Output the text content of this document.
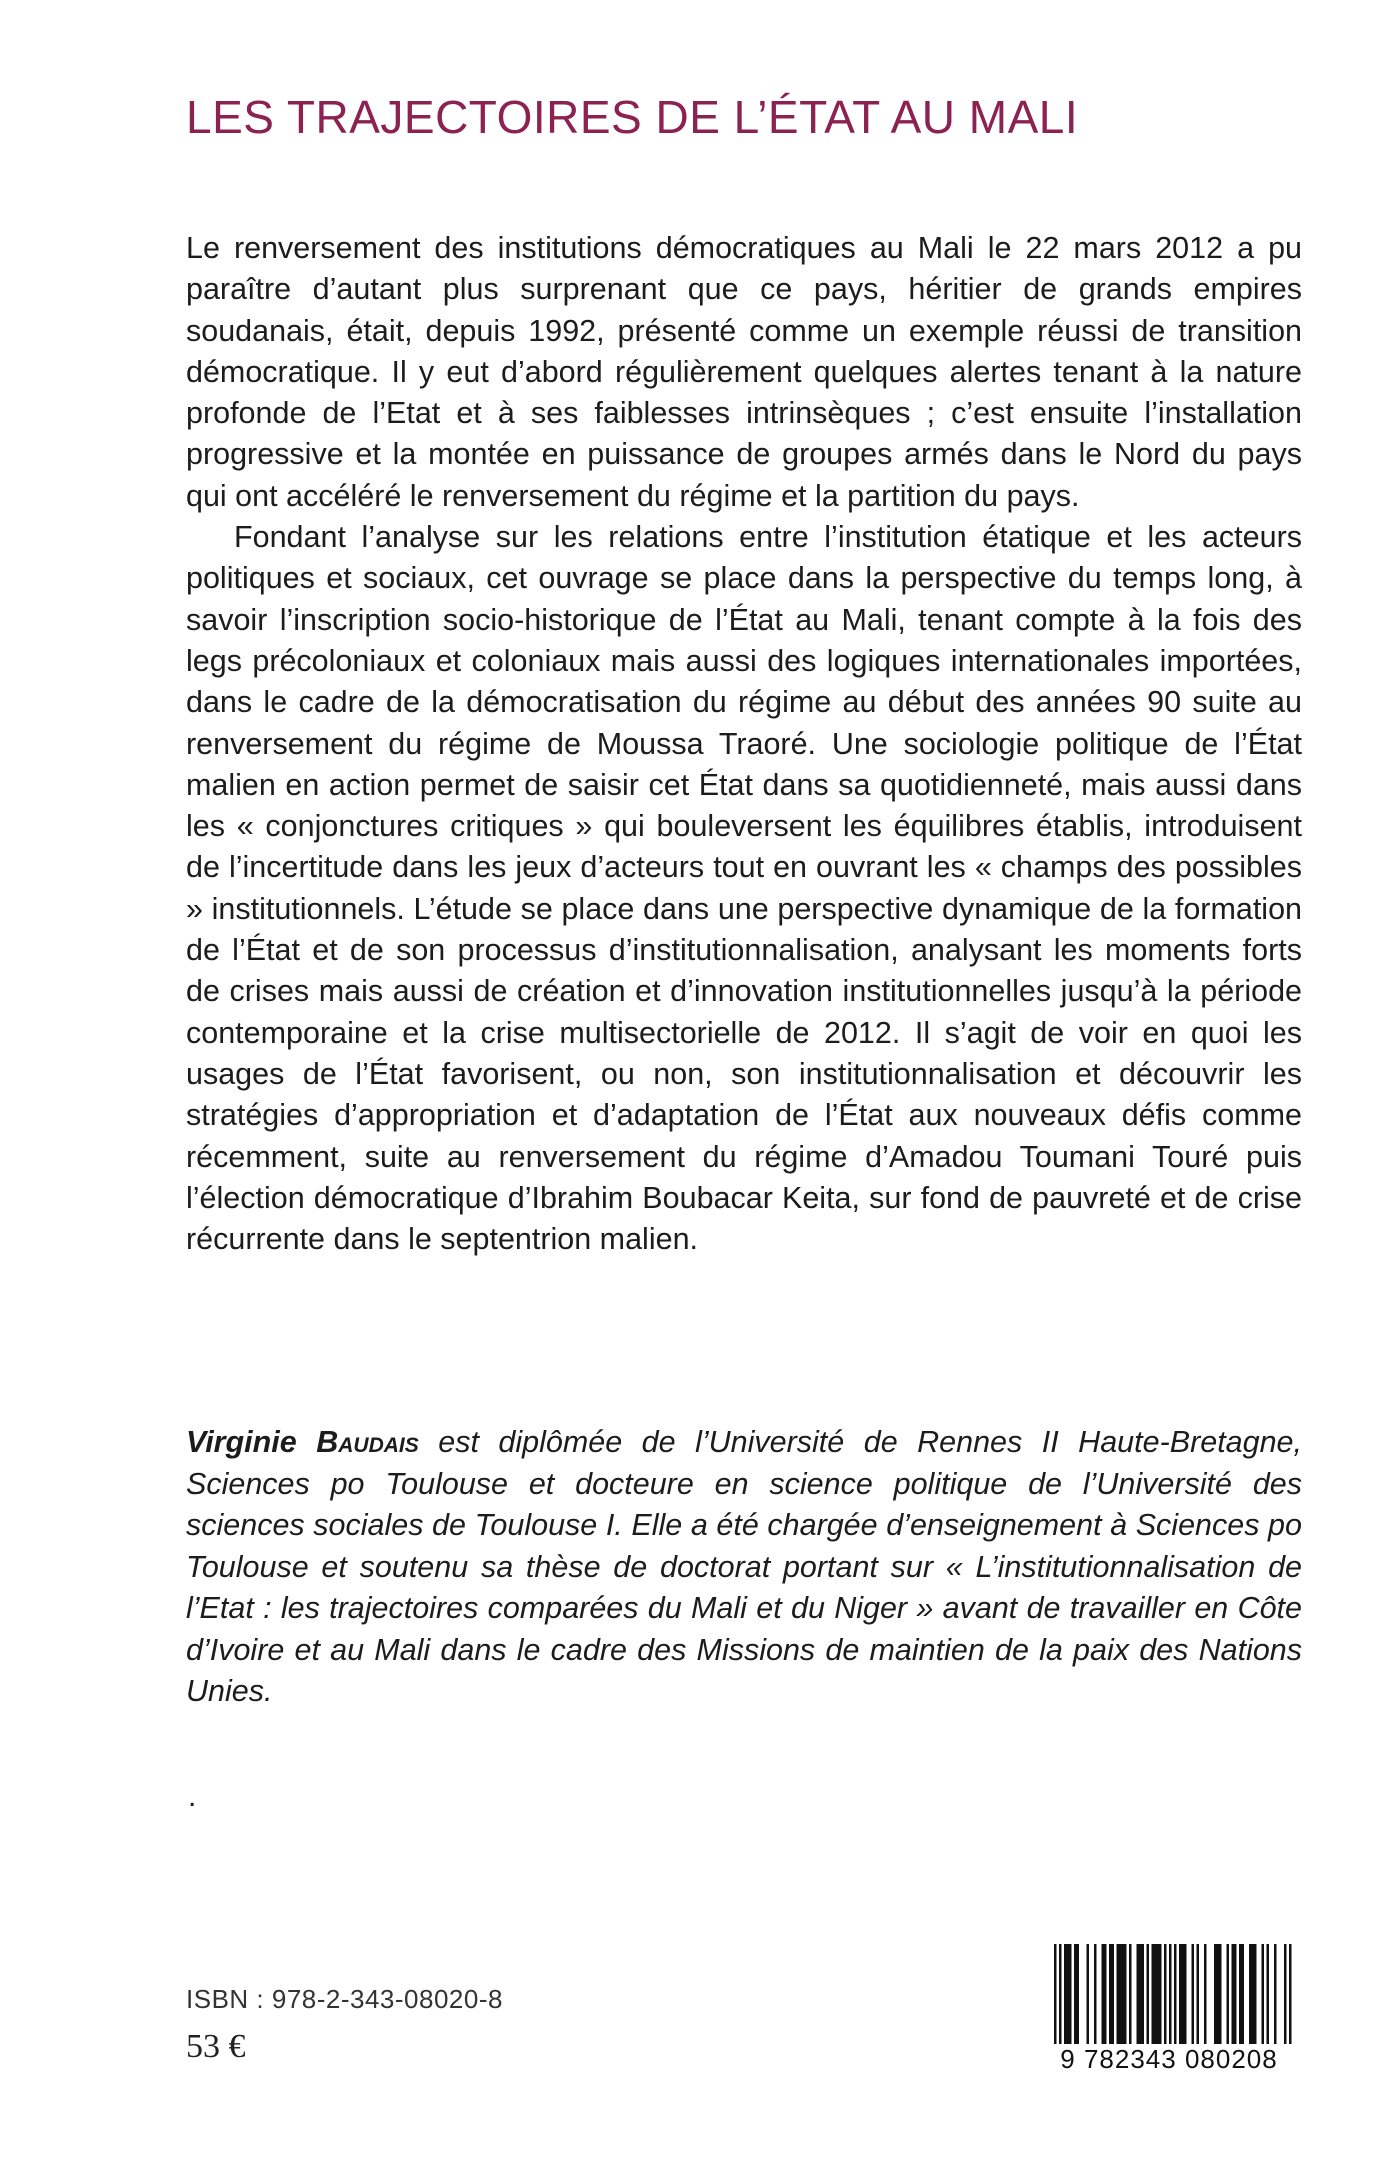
LES TRAJECTOIRES DE L’ÉTAT AU MALI

Le renversement des institutions démocratiques au Mali le 22 mars 2012 a pu paraître d’autant plus surprenant que ce pays, héritier de grands empires soudanais, était, depuis 1992, présenté comme un exemple réussi de transition démocratique. Il y eut d’abord régulièrement quelques alertes tenant à la nature profonde de l’Etat et à ses faiblesses intrinsèques ; c’est ensuite l’installation progressive et la montée en puissance de groupes armés dans le Nord du pays qui ont accéléré le renversement du régime et la partition du pays.

Fondant l’analyse sur les relations entre l’institution étatique et les acteurs politiques et sociaux, cet ouvrage se place dans la perspective du temps long, à savoir l’inscription socio-historique de l’État au Mali, tenant compte à la fois des legs précoloniaux et coloniaux mais aussi des logiques internationales importées, dans le cadre de la démocratisation du régime au début des années 90 suite au renversement du régime de Moussa Traoré. Une sociologie politique de l’État malien en action permet de saisir cet État dans sa quotidienneté, mais aussi dans les « conjonctures critiques » qui bouleversent les équilibres établis, introduisent de l’incertitude dans les jeux d’acteurs tout en ouvrant les « champs des possibles » institutionnels. L’étude se place dans une perspective dynamique de la formation de l’État et de son processus d’institutionnalisation, analysant les moments forts de crises mais aussi de création et d’innovation institutionnelles jusqu’à la période contemporaine et la crise multisectorielle de 2012. Il s’agit de voir en quoi les usages de l’État favorisent, ou non, son institutionnalisation et découvrir les stratégies d’appropriation et d’adaptation de l’État aux nouveaux défis comme récemment, suite au renversement du régime d’Amadou Toumani Touré puis l’élection démocratique d’Ibrahim Boubacar Keita, sur fond de pauvreté et de crise récurrente dans le septentrion malien.

Virginie Baudais est diplômée de l’Université de Rennes II Haute-Bretagne, Sciences po Toulouse et docteure en science politique de l’Université des sciences sociales de Toulouse I. Elle a été chargée d’enseignement à Sciences po Toulouse et soutenu sa thèse de doctorat portant sur « L’institutionnalisation de l’Etat : les trajectoires comparées du Mali et du Niger » avant de travailler en Côte d’Ivoire et au Mali dans le cadre des Missions de maintien de la paix des Nations Unies.

.
ISBN : 978-2-343-08020-8
53 €	9 782343 080208
